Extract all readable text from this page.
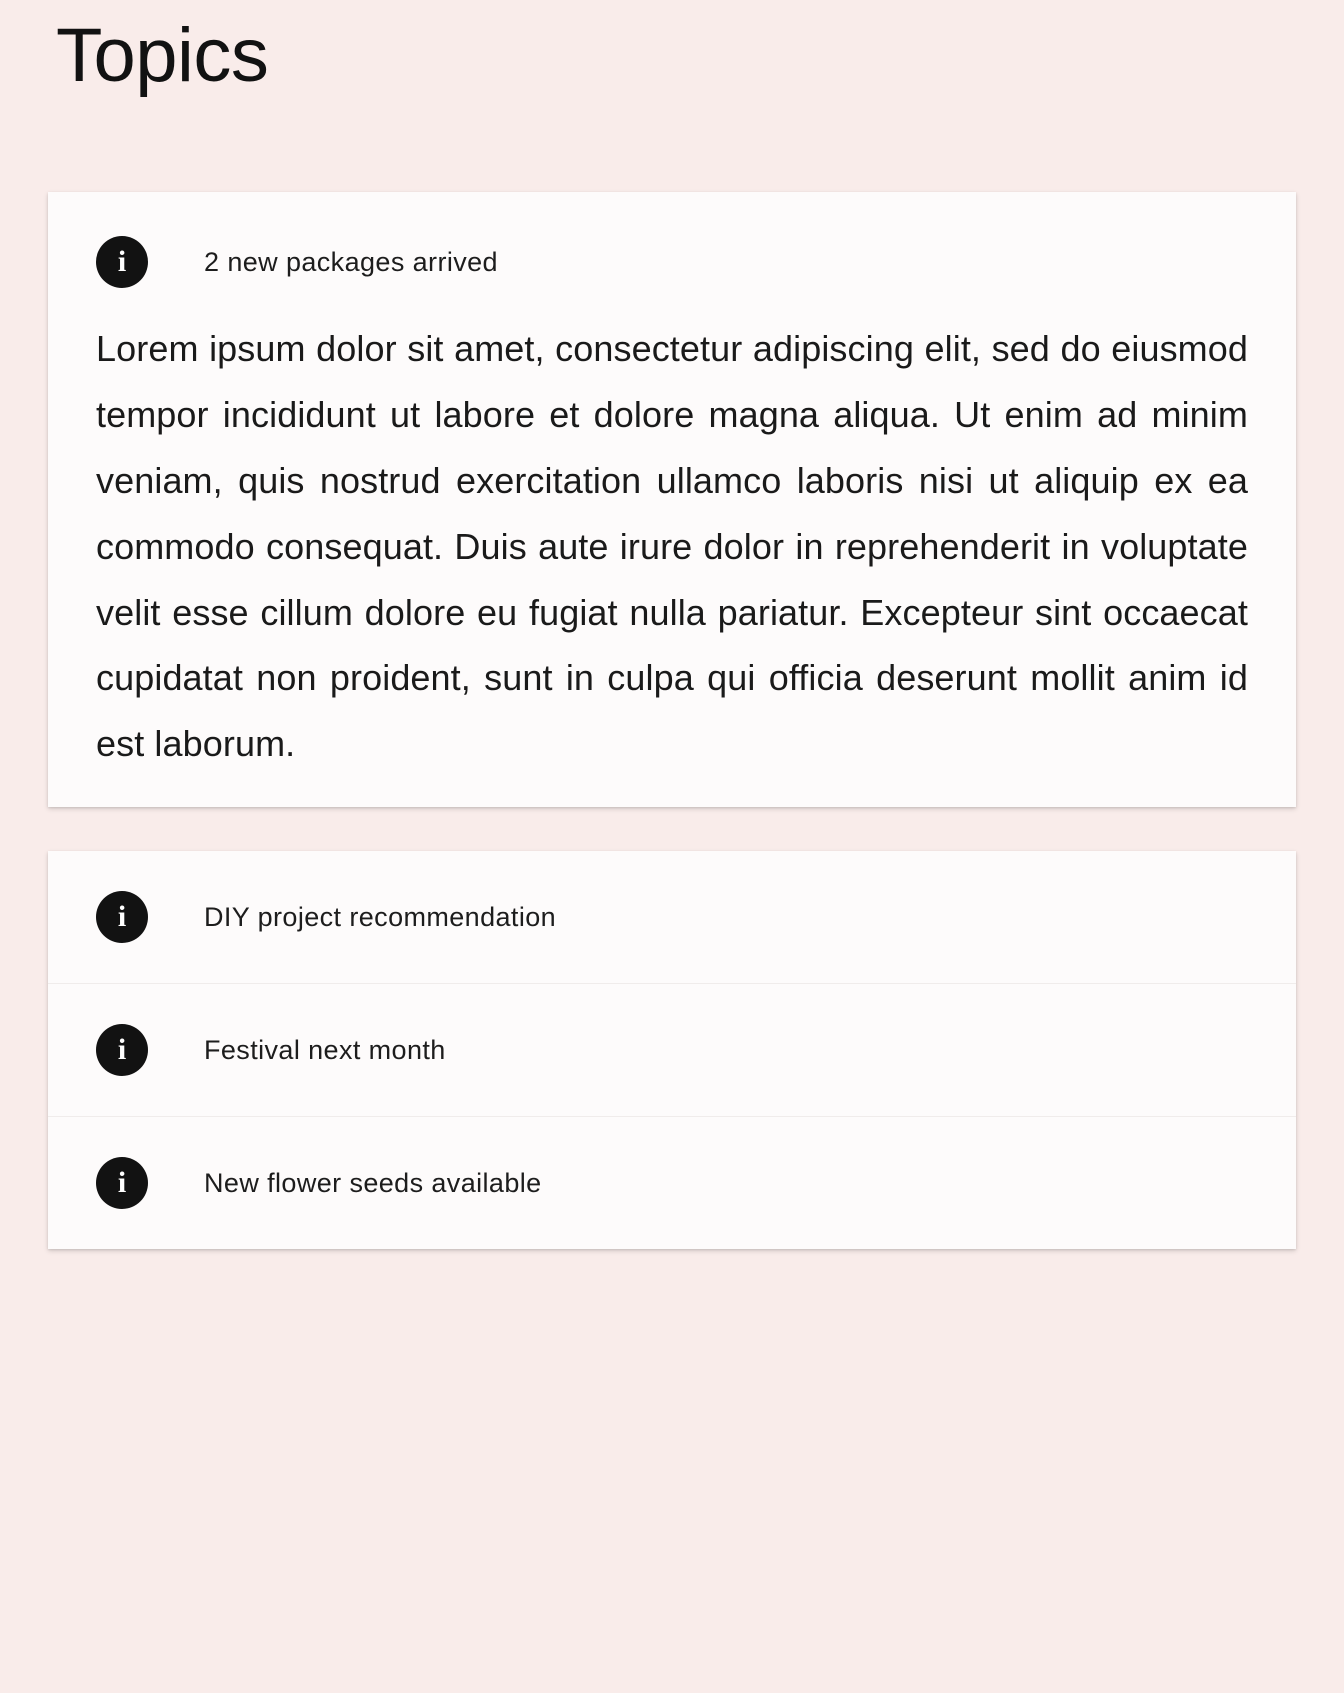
Topics
i	2 new packages arrived
Lorem ipsum dolor sit amet, consectetur adipiscing elit, sed do eiusmod tempor incididunt ut labore et dolore magna aliqua. Ut enim ad minim veniam, quis nostrud exercitation ullamco laboris nisi ut aliquip ex ea commodo consequat. Duis aute irure dolor in reprehenderit in voluptate velit esse cillum dolore eu fugiat nulla pariatur. Excepteur sint occaecat cupidatat non proident, sunt in culpa qui officia deserunt mollit anim id est laborum.
i	DIY project recommendation
i	Festival next month
i	New flower seeds available
